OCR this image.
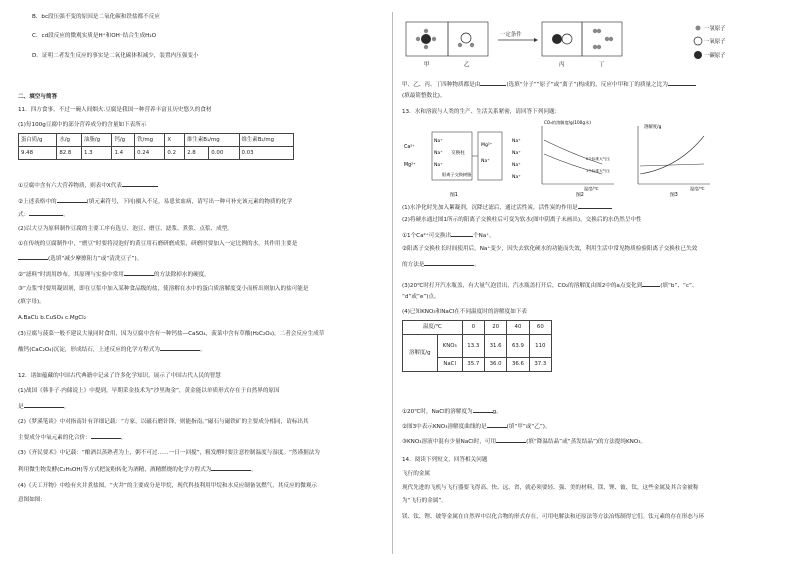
B．bc段压强不变的原因是二氧化碳和铁盐都不反应
C．cd段反应的微观实质是H⁺和OH⁻结合生成H₂O
D．证明二者发生反应的事实是二氧化碳体积减少，装置内压强变小
二、填空与简答
11．四方食事，不过一碗人间烟火.豆腐是我国一种营养丰富且历史悠久的食材
(1)每100g豆腐中的部分营养成分的含量如下表所示
蛋白质/g	水/g	油脂/g	钙/g	铁/mg	X	维生素B₁/mg		维生素B₂/mg
9.48	82.8	1.3	1.4	0.24	0.2	2.8	0.00	0.03
①豆腐中含有六大营养物质，则表中X代表
②上述表格中的	(填元素符号，下同)摄入不足，易患贫血病，请写出一种可补充该元素的物质的化学
式：	。
(2)以大豆为原料制作豆腐的主要工序有选豆、泡豆、磨豆、滤浆、煮浆、点浆、成型。
①在传统的豆腐制作中，“磨豆”时要将浸泡好的黄豆用石磨研磨成浆，研磨时要加入一定比例的水，其作用主要是
(选填“减少摩擦阻力”或“清洗豆子”)。
②“滤料”时需用纱布，其原理与实验中常用	的方法除掉水的硬度。
③“点浆”时要用凝固剂，即在豆浆中加入某种食品级的盐，使溶解在水中的蛋白质溶解度变小而析出则加入的盐可能是
(填字母)。
A.BaCl₂ b.CuSO₄ c.MgCl₂
(3)豆腐与菠菜一般不建议大量同时食用，因为豆腐中含有一种钙盐—CaSO₄，菠菜中含有草酸(H₂C₂O₄)，二者会反应生成草
酸钙(CaC₂O₄)沉淀，形成结石，上述反应的化学方程式为	。
12．诸如蕴藏的中国古代典籍中记录了许多化学知识，展示了中国古代人民的智慧
(1)战国《韩非子·内储说上》中提到，早期采金技术为“沙里淘金”，黄金能以单质形式存在于自然界的原因
是	。
(2)《梦溪笔谈》中对指南针有详细记载：“方家，以磁石磨针锋，则能指南。”磁石与磁铁矿的主要成分相同，请标出其
主要成分中氧元素的化合价：	。
(3)《齐民要术》中记载：“酿酒以蒸熟者为上，粥不可过……一日一回搅”，粗发酵时要注意控制温度与湿度。“然谨据法为
利用微生物发酵(C₂H₅OH)等方式把淀粉转化为酒精，酒精燃烧的化学方程式为	。
(4)《天工开物》中绘有火井煮盐图。“火井”的主要成分是甲烷，现代科技利用甲烷和水反应制备氢燃气，其反应的微观示
意图如图：
一定条件
甲	乙	丙	丁
一氢原子
一氧原子
一碳原子
甲、乙、丙、丁四种物质都是由	(选填“分子”“原子”或“离子”)构成的，反应中甲和丁的质量之比为
(填最简整数比)。
13．水和溶液与人类的生产、生活关系紧密，请回答下列问题：
Ca²⁺
Mg²⁺
Na⁺
Na⁺
Na⁺
交换柱
阳离子交换树脂
Mg²⁺
Na⁺
Na⁺
Na⁺
Na⁺
Na⁺
图1
CO₂的溶解度/g(100g水)
2个标准大气压
1个标准大气压
温度/℃
图2
溶解度/g
温度/℃
图3
(1)水净化时先加入絮凝剂，沉降过滤后，通过活性炭，活性炭的作用是
(2)将硬水通过图1所示的阳离子交换柱后可变为软水(图中阴离子未画出)，交换后的水仍然呈中性
①1个Ca²⁺可交换出	个Na⁺。
②阳离子交换柱长时间使用后，Na⁺变少，因失去软化硬水的功能而失效，利用生活中常见物质检验阳离子交换柱已失效
的方法是	。
(3)20℃时打开汽水瓶盖，有大量气泡冒出，汽水瓶盖打开后，CO₂的溶解度由图2中的a点变化到	(填“b”、“c”、
“d”或“e”)点。
(4)已知KNO₃和NaCl在不同温度时的溶解度如下表
温度/℃		0	20	40	60
溶解度/g	KNO₃	13.3	31.6	63.9	110
	NaCl	35.7	36.0	36.6	37.3
①20℃时，NaCl的溶解度为	g。
②图3中表示KNO₃溶解度曲线的是	(填“甲”或“乙”)。
③KNO₃溶液中混有少量NaCl时，可用	(填“降温结晶”或“蒸发结晶”)的方法提纯KNO₃。
14．阅读下列短文，回答相关问题
飞行的金属
现代先进的飞机与飞行器要飞得高、快、远、省，就必须要轻、强、美的材料，镁、锂、铍、钛，这些金属及其合金被称
为“飞行的金属”。
镁、钛、锂、铍等金属在自然界中以化合物的形式存在，可用电解法和还原法等方法冶炼制得它们。钛元素的存在形态与环
